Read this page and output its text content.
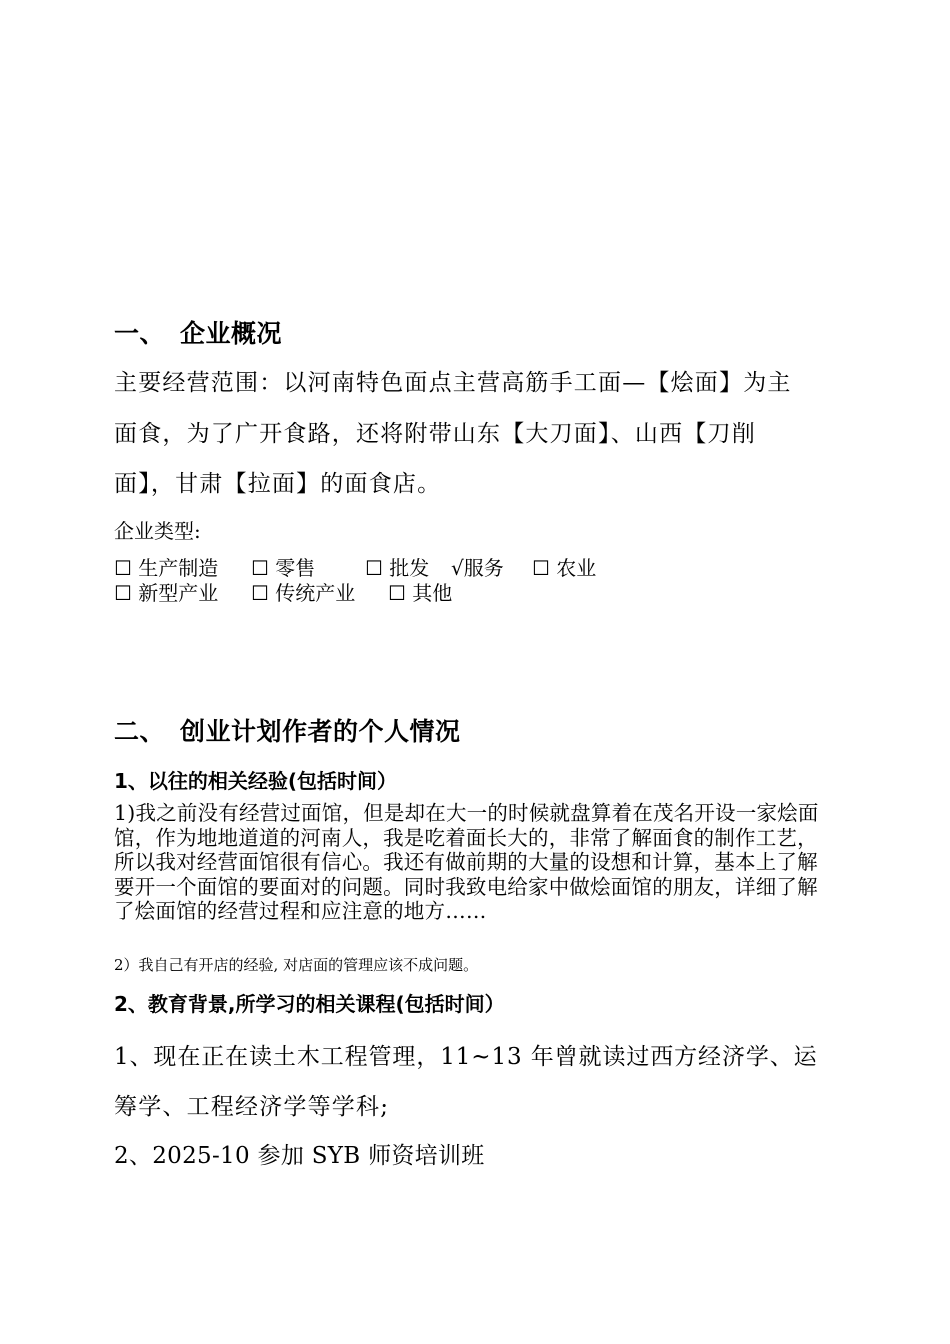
一、 企业概况
主要经营范围：以河南特色面点主营高筋手工面—【烩面】为主
面食，为了广开食路，还将附带山东【大刀面】、山西【刀削
面】，甘肃【拉面】的面食店。
企业类型:
☐ 生产制造 ☐ 零售 ☐ 批发 √服务 ☐ 农业
☐ 新型产业 ☐ 传统产业 ☐ 其他
二、 创业计划作者的个人情况
1、以往的相关经验(包括时间）
1)我之前没有经营过面馆，但是却在大一的时候就盘算着在茂名开设一家烩面馆，作为地地道道的河南人，我是吃着面长大的，非常了解面食的制作工艺，所以我对经营面馆很有信心。我还有做前期的大量的设想和计算，基本上了解要开一个面馆的要面对的问题。同时我致电给家中做烩面馆的朋友，详细了解了烩面馆的经营过程和应注意的地方……
2）我自己有开店的经验, 对店面的管理应该不成问题。
2、教育背景,所学习的相关课程(包括时间）
1、现在正在读土木工程管理，11~13 年曾就读过西方经济学、运
筹学、工程经济学等学科;
2、2025-10 参加 SYB 师资培训班
